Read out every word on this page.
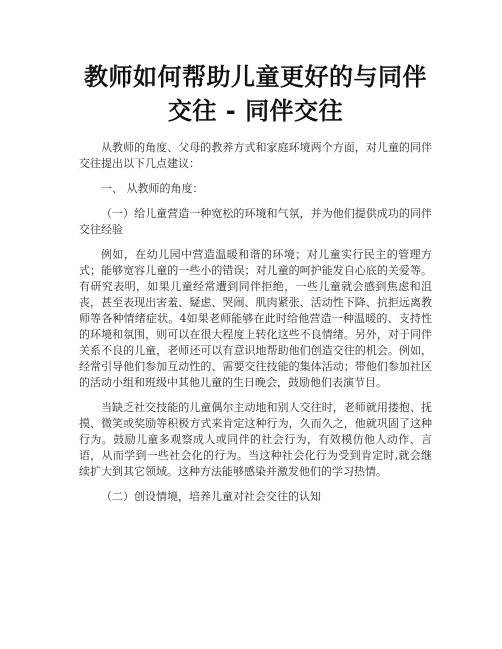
教师如何帮助儿童更好的与同伴
交往 - 同伴交往

从教师的角度、父母的教养方式和家庭环境两个方面，对儿童的同伴交往提出以下几点建议：

一、 从教师的角度：

（一）给儿童营造一种宽松的环境和气氛，并为他们提供成功的同伴交往经验

例如，在幼儿园中营造温暖和谐的环境；对儿童实行民主的管理方式；能够宽容儿童的一些小的错误；对儿童的呵护能发自心底的关爱等。有研究表明，如果儿童经常遭到同伴拒绝，一些儿童就会感到焦虑和沮丧，甚至表现出害羞、疑虑、哭闹、肌肉紧张、活动性下降、抗拒远离教师等各种情绪症状。4如果老师能够在此时给他营造一种温暖的、支持性的环境和氛围，则可以在很大程度上转化这些不良情绪。另外，对于同伴关系不良的儿童，老师还可以有意识地帮助他们创造交往的机会。例如，经常引导他们参加互动性的、需要交往技能的集体活动；带他们参加社区的活动小组和班级中其他儿童的生日晚会，鼓励他们表演节目。

当缺乏社交技能的儿童偶尔主动地和别人交往时，老师就用搂抱、抚摸、微笑或奖励等积极方式来肯定这种行为，久而久之，他就巩固了这种行为。鼓励儿童多观察成人或同伴的社会行为，有效模仿他人动作、言语，从而学到一些社会化的行为。当这种社会化行为受到肯定时,就会继续扩大到其它领域。这种方法能够感染并激发他们的学习热情。

（二）创设情境，培养儿童对社会交往的认知
